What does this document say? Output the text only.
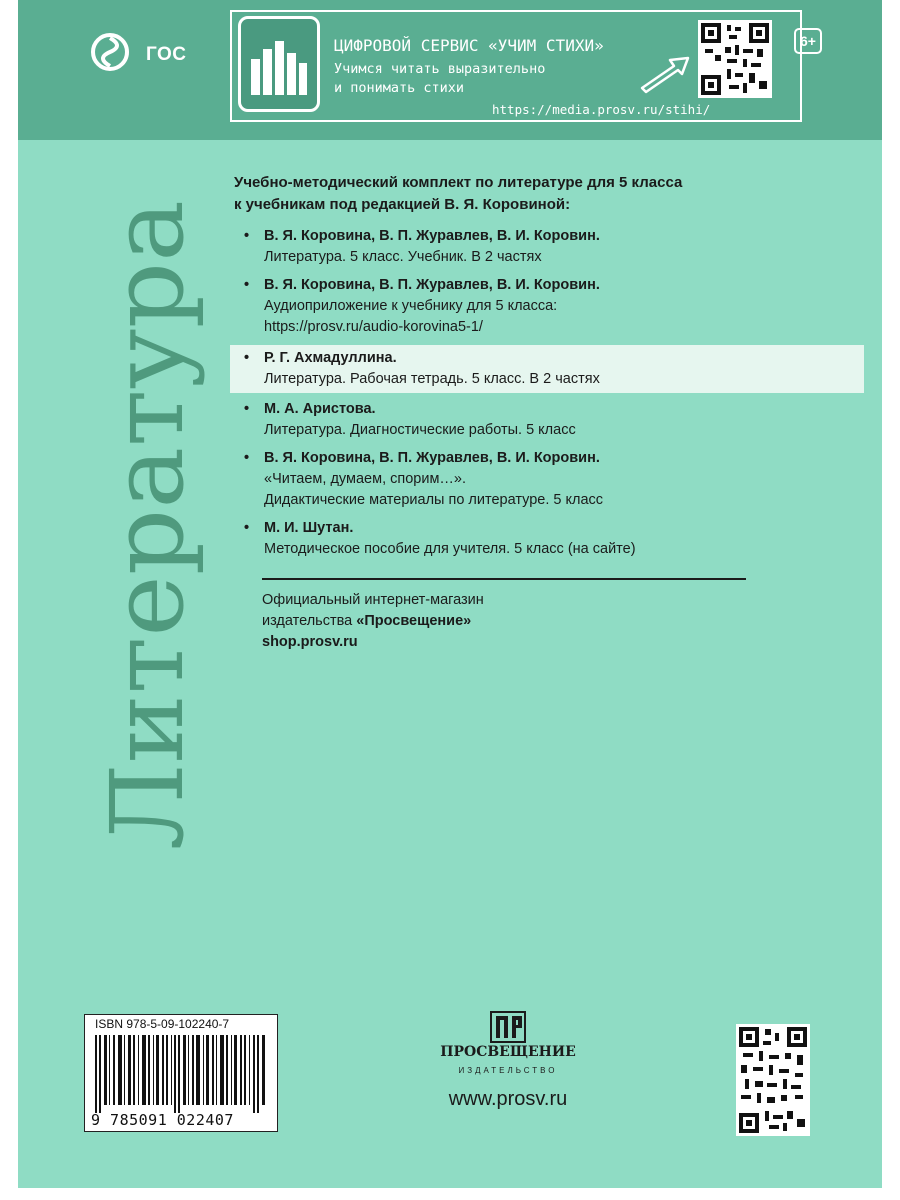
ГОС	ЦИФРОВОЙ СЕРВИС «УЧИМ СТИХИ»
Учимся читать выразительно
и понимать стихи
https://media.prosv.ru/stihi/
6+
Литература
Учебно-методический комплект по литературе для 5 класса
к учебникам под редакцией В. Я. Коровиной:
• В. Я. Коровина, В. П. Журавлев, В. И. Коровин.
Литература. 5 класс. Учебник. В 2 частях
• В. Я. Коровина, В. П. Журавлев, В. И. Коровин.
Аудиоприложение к учебнику для 5 класса:
https://prosv.ru/audio-korovina5-1/
• Р. Г. Ахмадуллина.
Литература. Рабочая тетрадь. 5 класс. В 2 частях
• М. А. Аристова.
Литература. Диагностические работы. 5 класс
• В. Я. Коровина, В. П. Журавлев, В. И. Коровин.
«Читаем, думаем, спорим…».
Дидактические материалы по литературе. 5 класс
• М. И. Шутан.
Методическое пособие для учителя. 5 класс (на сайте)
Официальный интернет-магазин
издательства «Просвещение»
shop.prosv.ru
ISBN 978-5-09-102240-7
9 785091 022407
ПРОСВЕЩЕНИЕ
ИЗДАТЕЛЬСТВО
www.prosv.ru
